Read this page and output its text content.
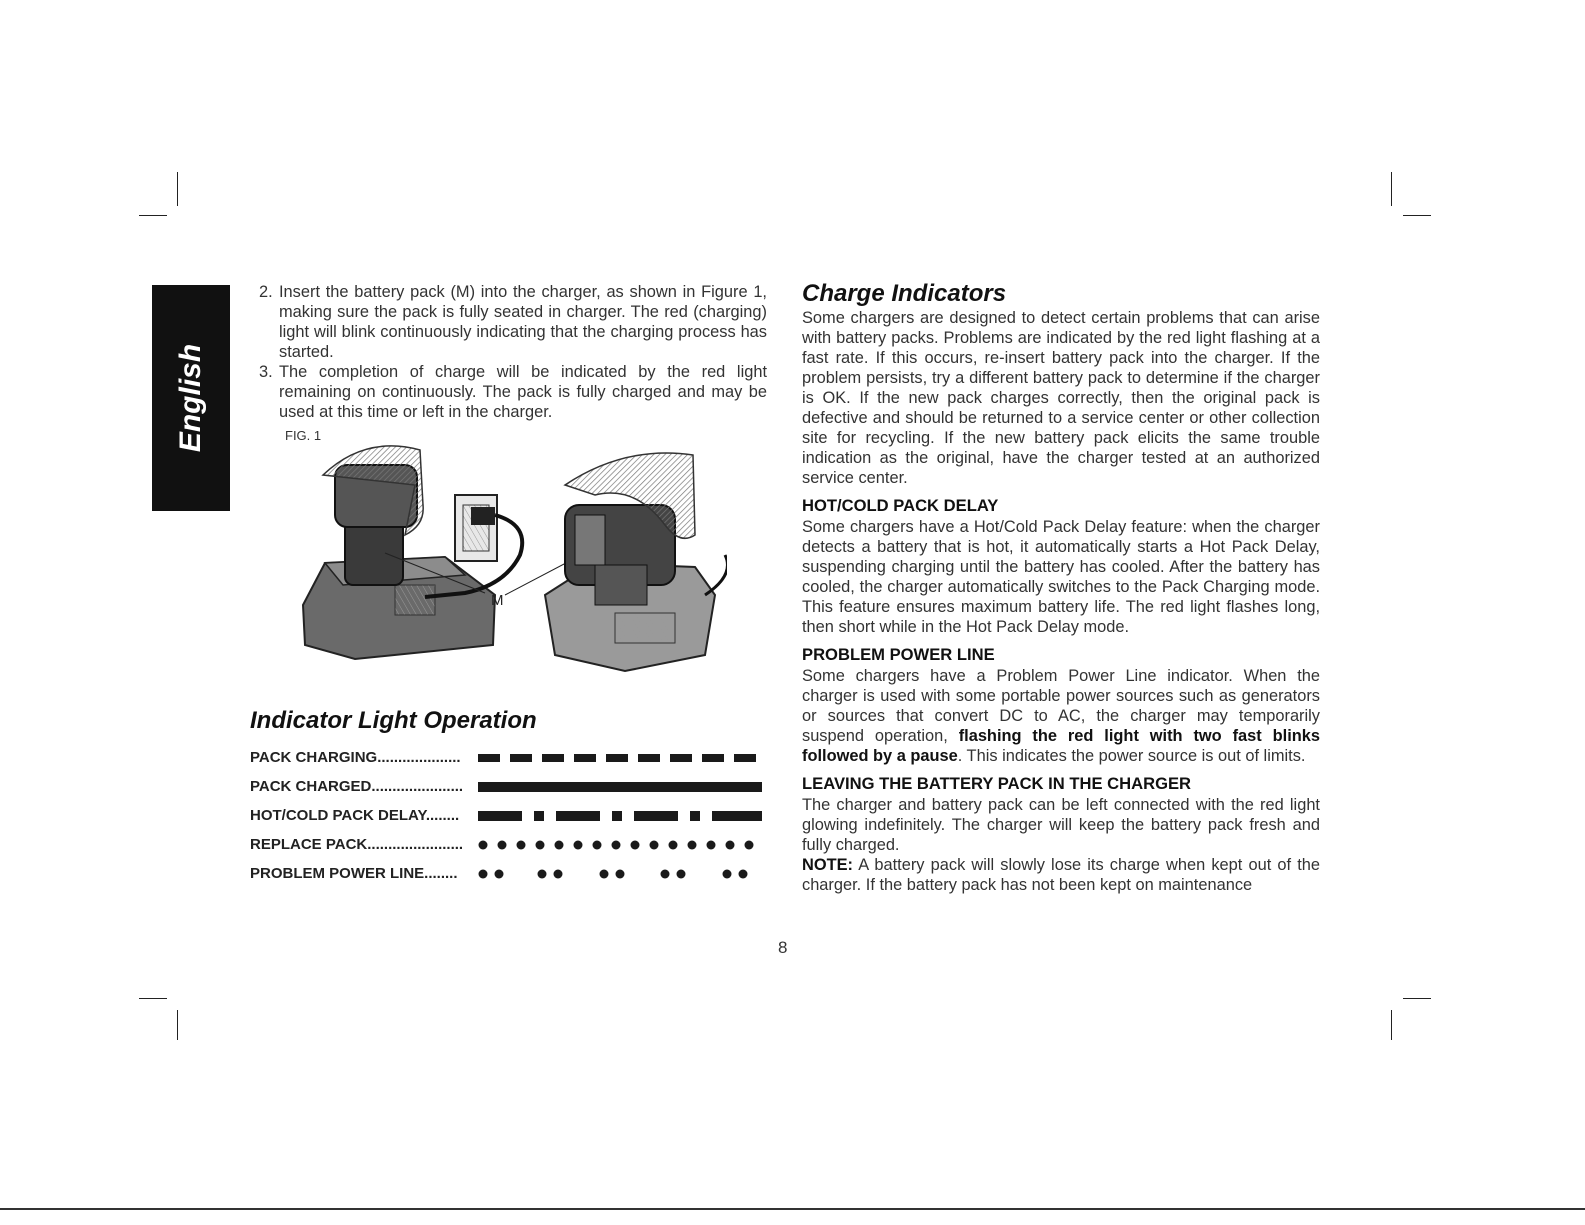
English
2. Insert the battery pack (M) into the charger, as shown in Figure 1, making sure the pack is fully seated in charger. The red (charging) light will blink continuously indicating that the charging process has started.
3. The completion of charge will be indicated by the red light remaining on continuously. The pack is fully charged and may be used at this time or left in the charger.
FIG. 1
M
Indicator Light Operation
PACK CHARGING....................
PACK CHARGED......................
HOT/COLD PACK DELAY........
REPLACE PACK.......................
PROBLEM POWER LINE........
Charge Indicators

Some chargers are designed to detect certain problems that can arise with battery packs. Problems are indicated by the red light flashing at a fast rate. If this occurs, re-insert battery pack into the charger. If the problem persists, try a different battery pack to determine if the charger is OK. If the new pack charges correctly, then the original pack is defective and should be returned to a service center or other collection site for recycling. If the new battery pack elicits the same trouble indication as the original, have the charger tested at an authorized service center.

HOT/COLD PACK DELAY

Some chargers have a Hot/Cold Pack Delay feature: when the charger detects a battery that is hot, it automatically starts a Hot Pack Delay, suspending charging until the battery has cooled. After the battery has cooled, the charger automatically switches to the Pack Charging mode. This feature ensures maximum battery life. The red light flashes long, then short while in the Hot Pack Delay mode.

PROBLEM POWER LINE

Some chargers have a Problem Power Line indicator. When the charger is used with some portable power sources such as generators or sources that convert DC to AC, the charger may temporarily suspend operation, flashing the red light with two fast blinks followed by a pause. This indicates the power source is out of limits.

LEAVING THE BATTERY PACK IN THE CHARGER

The charger and battery pack can be left connected with the red light glowing indefinitely. The charger will keep the battery pack fresh and fully charged.

NOTE: A battery pack will slowly lose its charge when kept out of the charger. If the battery pack has not been kept on maintenance

8
